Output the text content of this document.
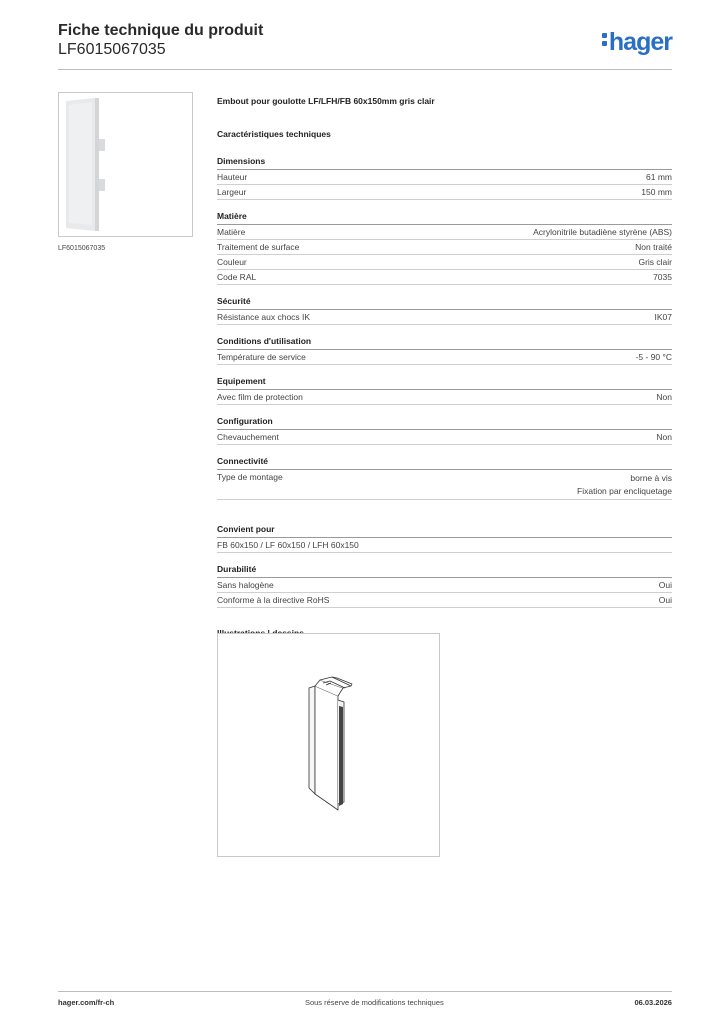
Fiche technique du produit
LF6015067035	hager
LF6015067035
Embout pour goulotte LF/LFH/FB 60x150mm gris clair
Caractéristiques techniques
Dimensions
Hauteur	61 mm
Largeur	150 mm
Matière
Matière	Acrylonitrile butadiène styrène (ABS)
Traitement de surface	Non traité
Couleur	Gris clair
Code RAL	7035
Sécurité
Résistance aux chocs IK	IK07
Conditions d'utilisation
Température de service	-5 - 90 °C
Equipement
Avec film de protection	Non
Configuration
Chevauchement	Non
Connectivité
Type de montage	borne à vis
Fixation par encliquetage
Convient pour
FB 60x150 / LF 60x150 / LFH 60x150
Durabilité
Sans halogène	Oui
Conforme à la directive RoHS	Oui
hager.com/fr-ch	Sous réserve de modifications techniques	06.03.2026
